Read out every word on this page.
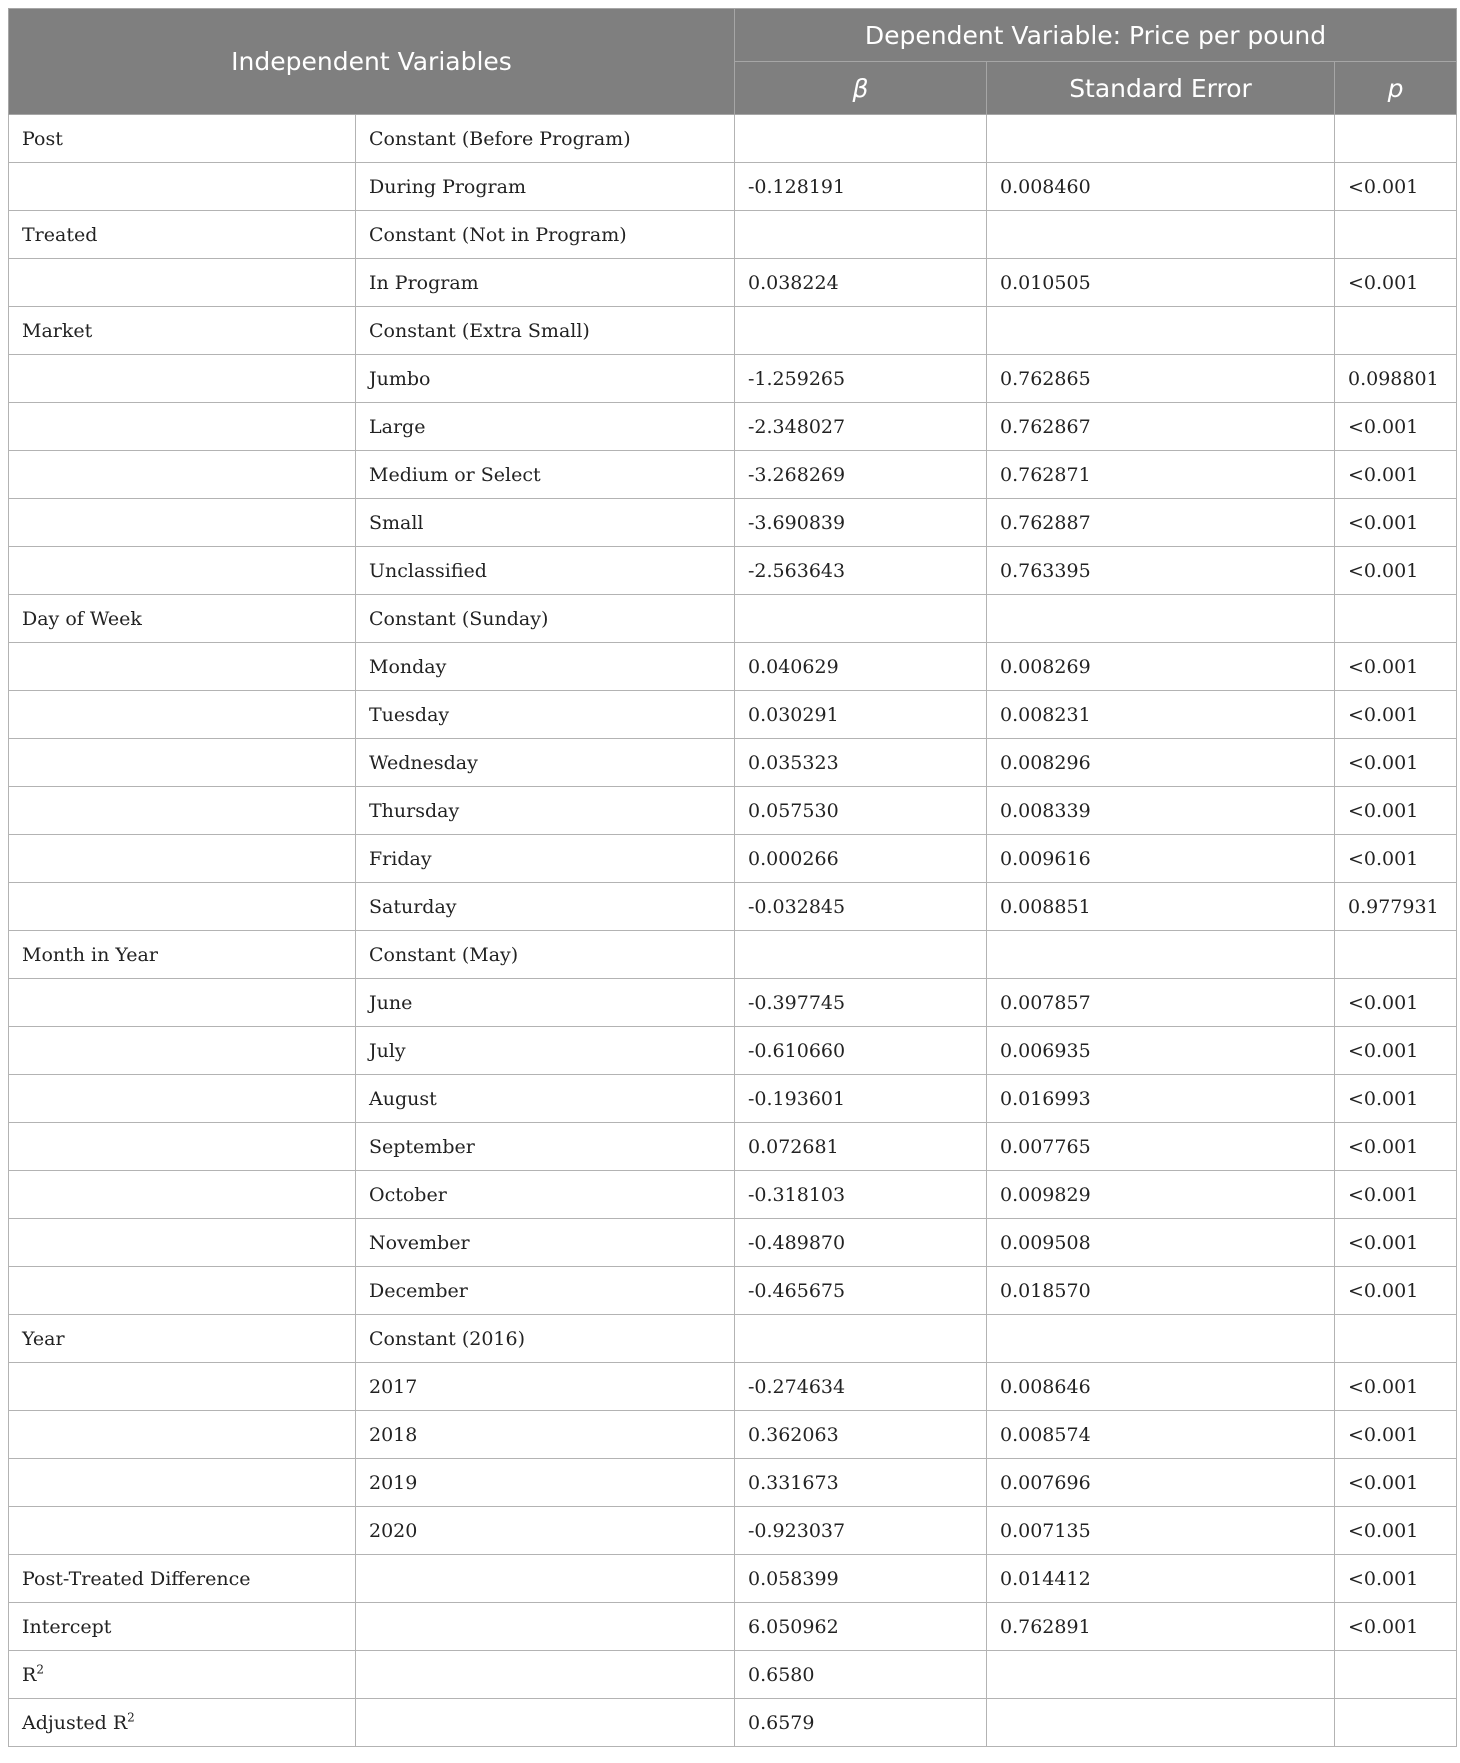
Independent Variables		Dependent Variable: Price per pound		
		β	Standard Error	p
Post	Constant (Before Program)			
	During Program	-0.128191	0.008460	<0.001
Treated	Constant (Not in Program)			
	In Program	0.038224	0.010505	<0.001
Market	Constant (Extra Small)			
	Jumbo	-1.259265	0.762865	0.098801
	Large	-2.348027	0.762867	<0.001
	Medium or Select	-3.268269	0.762871	<0.001
	Small	-3.690839	0.762887	<0.001
	Unclassified	-2.563643	0.763395	<0.001
Day of Week	Constant (Sunday)			
	Monday	0.040629	0.008269	<0.001
	Tuesday	0.030291	0.008231	<0.001
	Wednesday	0.035323	0.008296	<0.001
	Thursday	0.057530	0.008339	<0.001
	Friday	0.000266	0.009616	<0.001
	Saturday	-0.032845	0.008851	0.977931
Month in Year	Constant (May)			
	June	-0.397745	0.007857	<0.001
	July	-0.610660	0.006935	<0.001
	August	-0.193601	0.016993	<0.001
	September	0.072681	0.007765	<0.001
	October	-0.318103	0.009829	<0.001
	November	-0.489870	0.009508	<0.001
	December	-0.465675	0.018570	<0.001
Year	Constant (2016)			
	2017	-0.274634	0.008646	<0.001
	2018	0.362063	0.008574	<0.001
	2019	0.331673	0.007696	<0.001
	2020	-0.923037	0.007135	<0.001
Post-Treated Difference		0.058399	0.014412	<0.001
Intercept		6.050962	0.762891	<0.001
$R^2$		0.6580		
Adjusted $R^2$		0.6579		
